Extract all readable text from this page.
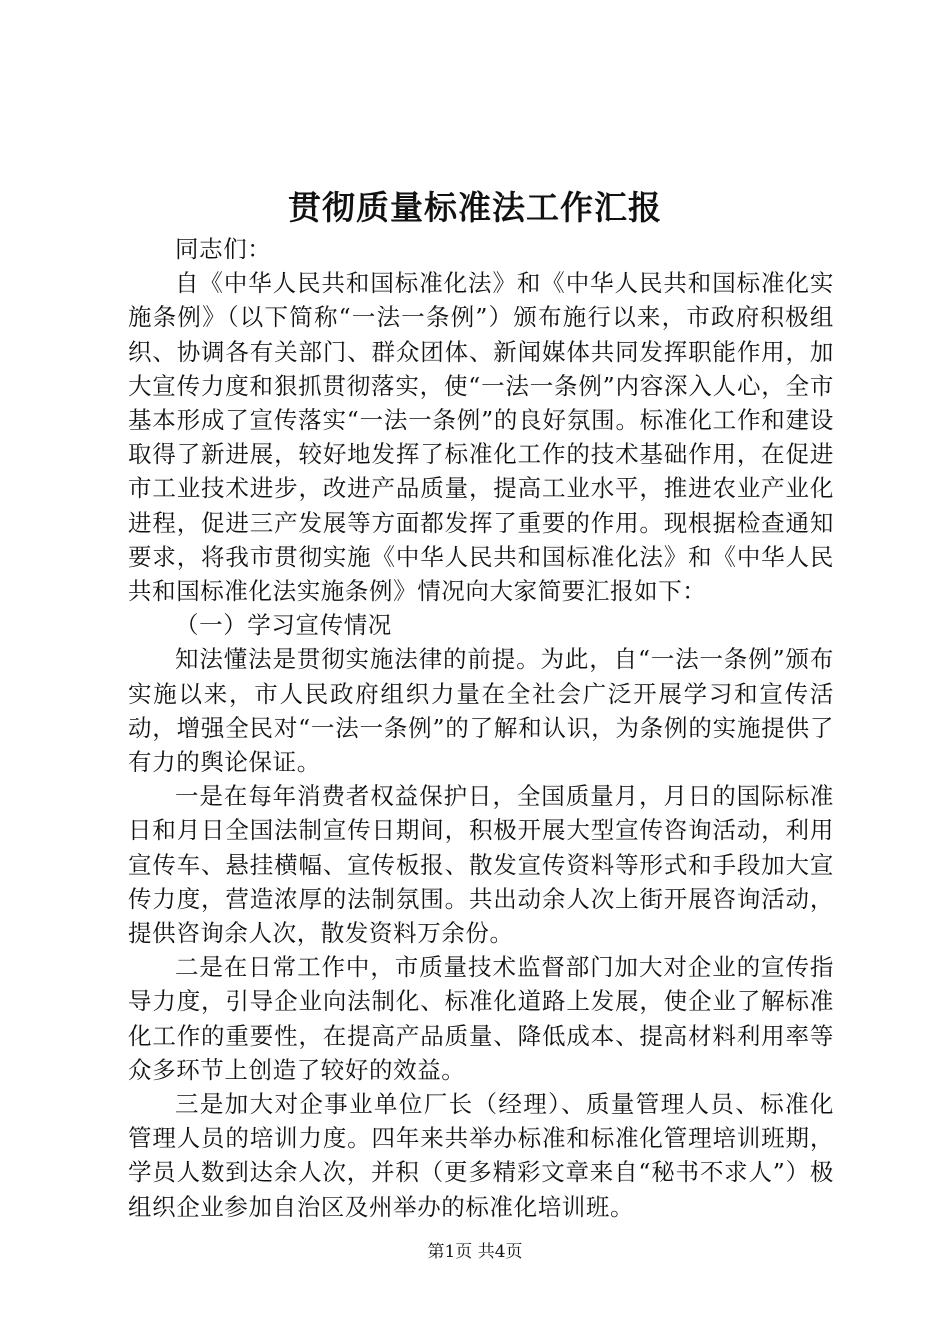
贯彻质量标准法工作汇报

同志们：

自《中华人民共和国标准化法》和《中华人民共和国标准化实施条例》（以下简称“一法一条例”）颁布施行以来，市政府积极组织、协调各有关部门、群众团体、新闻媒体共同发挥职能作用，加大宣传力度和狠抓贯彻落实，使“一法一条例”内容深入人心，全市基本形成了宣传落实“一法一条例”的良好氛围。标准化工作和建设取得了新进展，较好地发挥了标准化工作的技术基础作用，在促进市工业技术进步，改进产品质量，提高工业水平，推进农业产业化进程，促进三产发展等方面都发挥了重要的作用。现根据检查通知要求，将我市贯彻实施《中华人民共和国标准化法》和《中华人民共和国标准化法实施条例》情况向大家简要汇报如下：

（一）学习宣传情况

知法懂法是贯彻实施法律的前提。为此，自“一法一条例”颁布实施以来，市人民政府组织力量在全社会广泛开展学习和宣传活动，增强全民对“一法一条例”的了解和认识，为条例的实施提供了有力的舆论保证。

一是在每年消费者权益保护日，全国质量月，月日的国际标准日和月日全国法制宣传日期间，积极开展大型宣传咨询活动，利用宣传车、悬挂横幅、宣传板报、散发宣传资料等形式和手段加大宣传力度，营造浓厚的法制氛围。共出动余人次上街开展咨询活动，提供咨询余人次，散发资料万余份。

二是在日常工作中，市质量技术监督部门加大对企业的宣传指导力度，引导企业向法制化、标准化道路上发展，使企业了解标准化工作的重要性，在提高产品质量、降低成本、提高材料利用率等众多环节上创造了较好的效益。

三是加大对企事业单位厂长（经理）、质量管理人员、标准化管理人员的培训力度。四年来共举办标准和标准化管理培训班期，学员人数到达余人次，并积（更多精彩文章来自“秘书不求人”）极组织企业参加自治区及州举办的标准化培训班。

第1页 共4页
